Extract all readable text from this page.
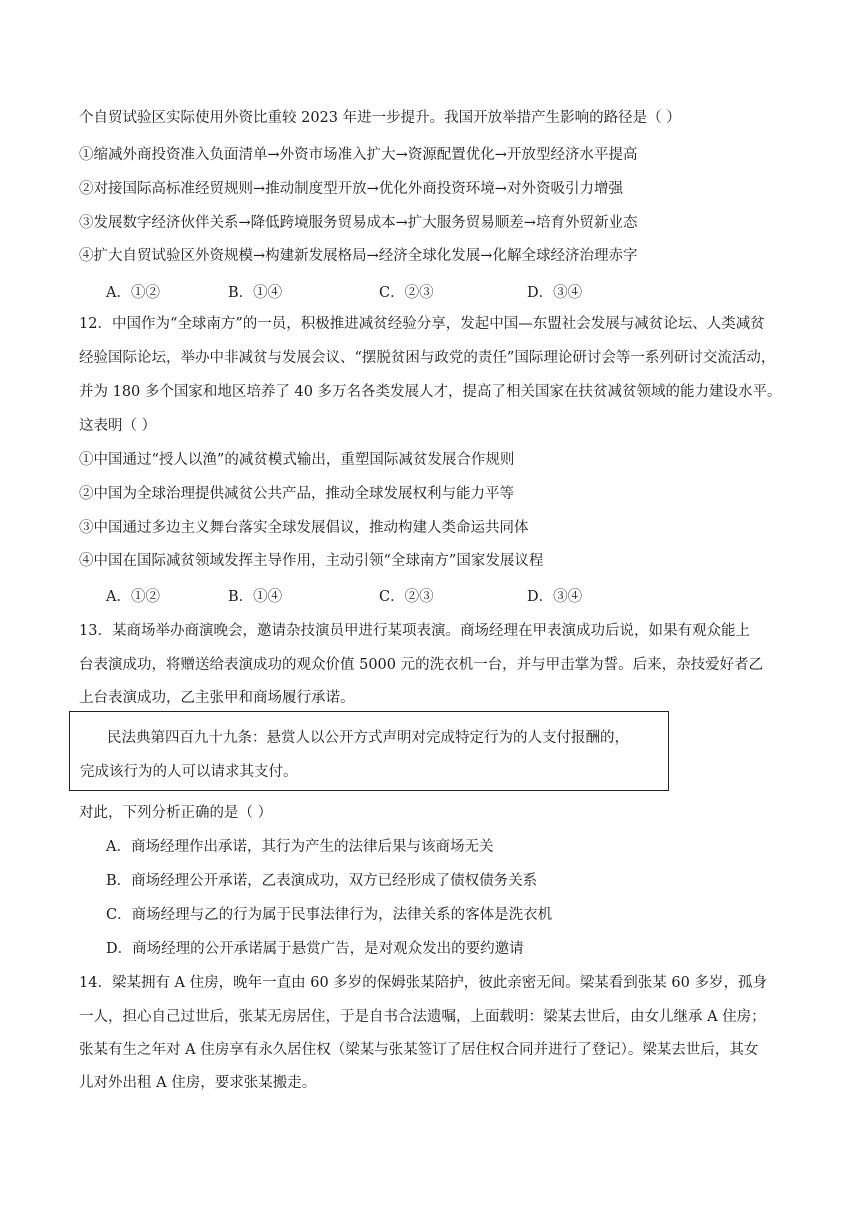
个自贸试验区实际使用外资比重较 2023 年进一步提升。我国开放举措产生影响的路径是（ ）
①缩减外商投资准入负面清单→外资市场准入扩大→资源配置优化→开放型经济水平提高
②对接国际高标准经贸规则→推动制度型开放→优化外商投资环境→对外资吸引力增强
③发展数字经济伙伴关系→降低跨境服务贸易成本→扩大服务贸易顺差→培育外贸新业态
④扩大自贸试验区外资规模→构建新发展格局→经济全球化发展→化解全球经济治理赤字
A．①②	B．①④	C．②③	D．③④
12．中国作为“全球南方”的一员，积极推进减贫经验分享，发起中国—东盟社会发展与减贫论坛、人类减贫
经验国际论坛，举办中非减贫与发展会议、“摆脱贫困与政党的责任”国际理论研讨会等一系列研讨交流活动，
并为 180 多个国家和地区培养了 40 多万名各类发展人才，提高了相关国家在扶贫减贫领域的能力建设水平。
这表明（ ）
①中国通过“授人以渔”的减贫模式输出，重塑国际减贫发展合作规则
②中国为全球治理提供减贫公共产品，推动全球发展权利与能力平等
③中国通过多边主义舞台落实全球发展倡议，推动构建人类命运共同体
④中国在国际减贫领域发挥主导作用，主动引领“全球南方”国家发展议程
A．①②	B．①④	C．②③	D．③④
13．某商场举办商演晚会，邀请杂技演员甲进行某项表演。商场经理在甲表演成功后说，如果有观众能上
台表演成功，将赠送给表演成功的观众价值 5000 元的洗衣机一台，并与甲击掌为誓。后来，杂技爱好者乙
上台表演成功，乙主张甲和商场履行承诺。
民法典第四百九十九条：悬赏人以公开方式声明对完成特定行为的人支付报酬的，
完成该行为的人可以请求其支付。
对此，下列分析正确的是（ ）
A．商场经理作出承诺，其行为产生的法律后果与该商场无关
B．商场经理公开承诺，乙表演成功，双方已经形成了债权债务关系
C．商场经理与乙的行为属于民事法律行为，法律关系的客体是洗衣机
D．商场经理的公开承诺属于悬赏广告，是对观众发出的要约邀请
14．梁某拥有 A 住房，晚年一直由 60 多岁的保姆张某陪护，彼此亲密无间。梁某看到张某 60 多岁，孤身
一人，担心自己过世后，张某无房居住，于是自书合法遗嘱，上面载明：梁某去世后，由女儿继承 A 住房；
张某有生之年对 A 住房享有永久居住权（梁某与张某签订了居住权合同并进行了登记）。梁某去世后，其女
儿对外出租 A 住房，要求张某搬走。
